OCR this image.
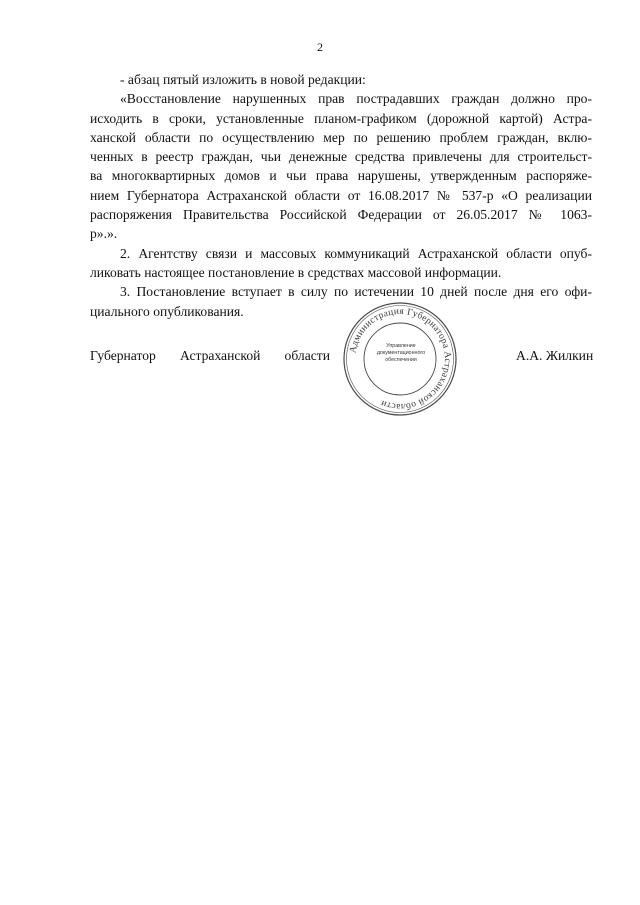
2
- абзац пятый изложить в новой редакции:
«Восстановление нарушенных прав пострадавших граждан должно про-
исходить в сроки, установленные планом-графиком (дорожной картой) Астра-
ханской области по осуществлению мер по решению проблем граждан, вклю-
ченных в реестр граждан, чьи денежные средства привлечены для строительст-
ва многоквартирных домов и чьи права нарушены, утвержденным распоряже-
нием Губернатора Астраханской области от 16.08.2017 № 537-р «О реализации
распоряжения Правительства Российской Федерации от 26.05.2017 № 1063-
р».».
2. Агентству связи и массовых коммуникаций Астраханской области опуб-
ликовать настоящее постановление в средствах массовой информации.
3. Постановление вступает в силу по истечении 10 дней после дня его офи-
циального опубликования.
Губернатор Астраханской области Администрация Губернатора Астраханской области
Управление
документационного
обеспечения	А.А. Жилкин
